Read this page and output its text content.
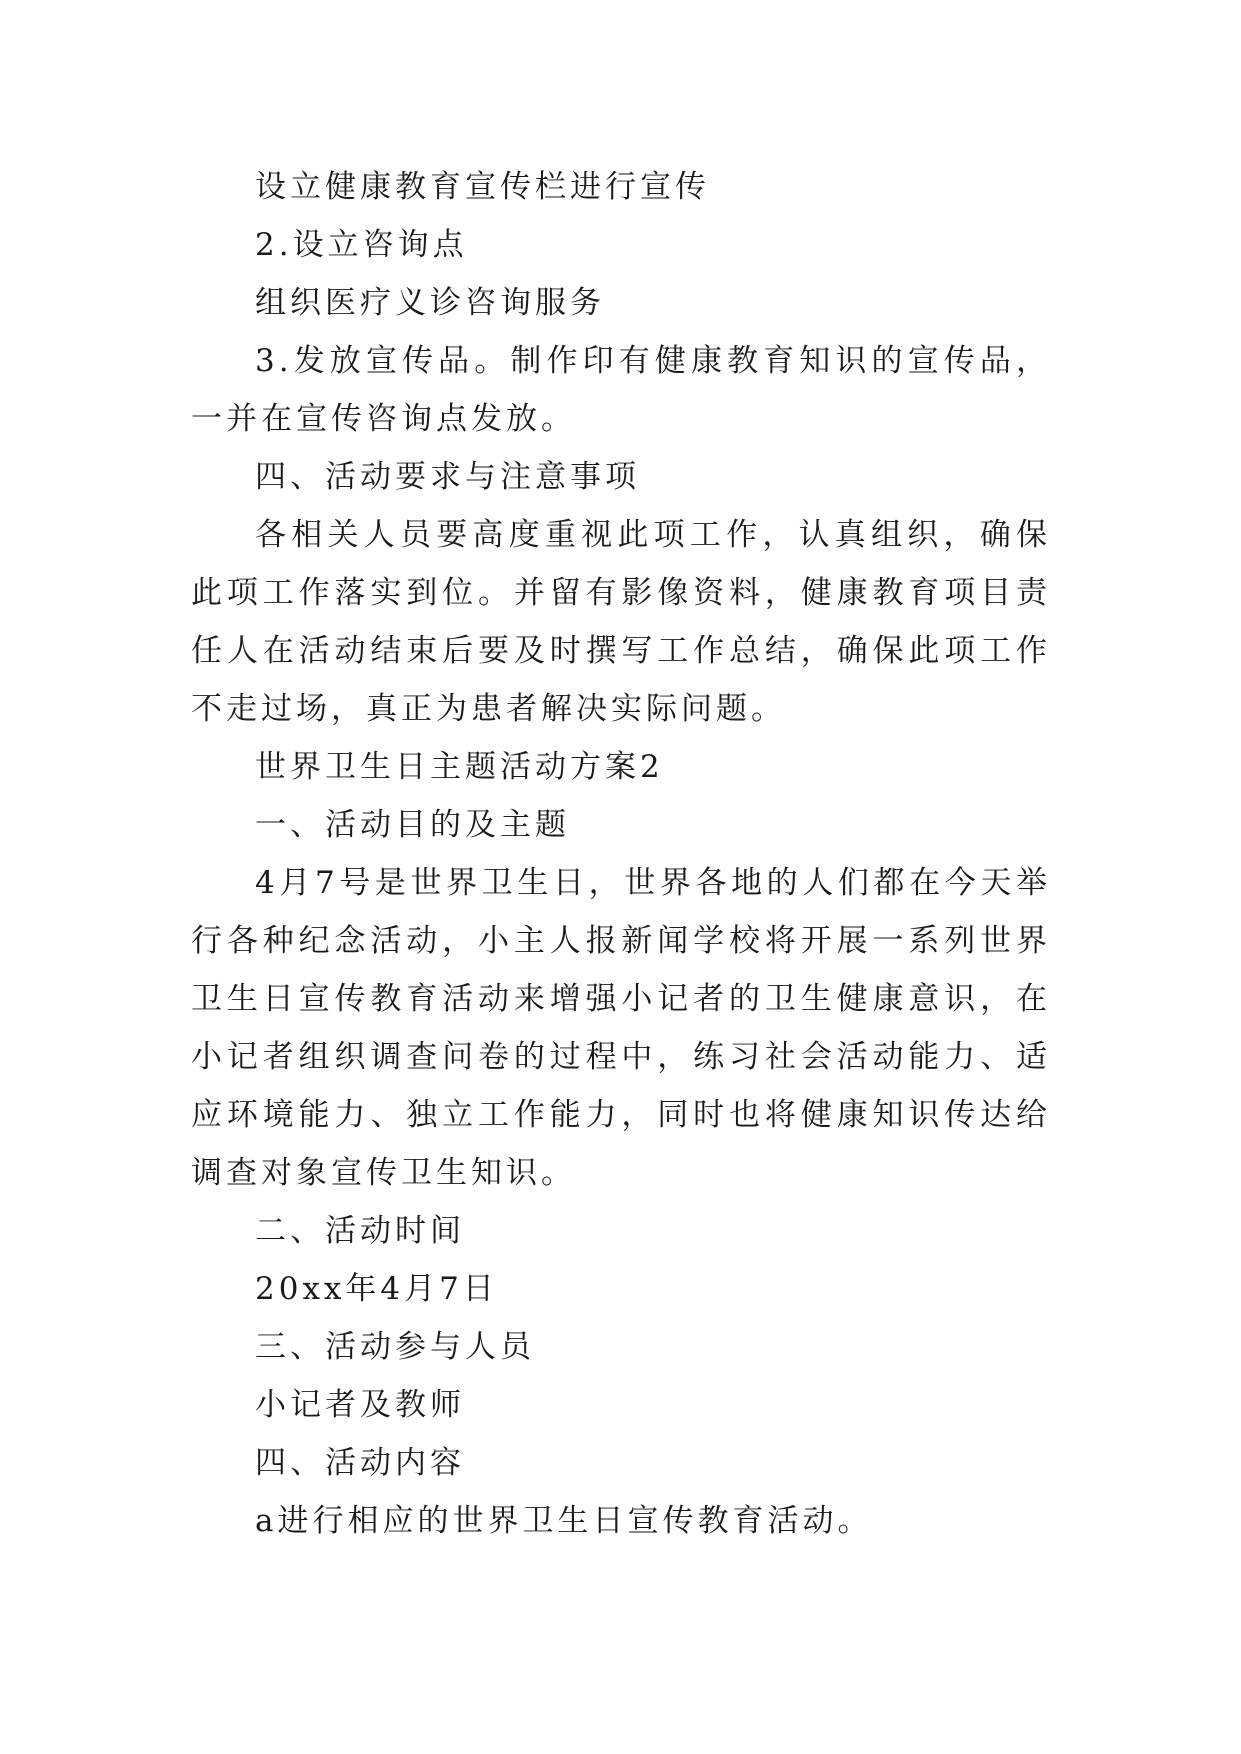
设立健康教育宣传栏进行宣传

2.设立咨询点

组织医疗义诊咨询服务

3.发放宣传品。制作印有健康教育知识的宣传品，一并在宣传咨询点发放。

四、活动要求与注意事项

各相关人员要高度重视此项工作，认真组织，确保此项工作落实到位。并留有影像资料，健康教育项目责任人在活动结束后要及时撰写工作总结，确保此项工作不走过场，真正为患者解决实际问题。

世界卫生日主题活动方案2

一、活动目的及主题

4月7号是世界卫生日，世界各地的人们都在今天举行各种纪念活动，小主人报新闻学校将开展一系列世界卫生日宣传教育活动来增强小记者的卫生健康意识，在小记者组织调查问卷的过程中，练习社会活动能力、适应环境能力、独立工作能力，同时也将健康知识传达给调查对象宣传卫生知识。

二、活动时间

20xx年4月7日

三、活动参与人员

小记者及教师

四、活动内容

a进行相应的世界卫生日宣传教育活动。
